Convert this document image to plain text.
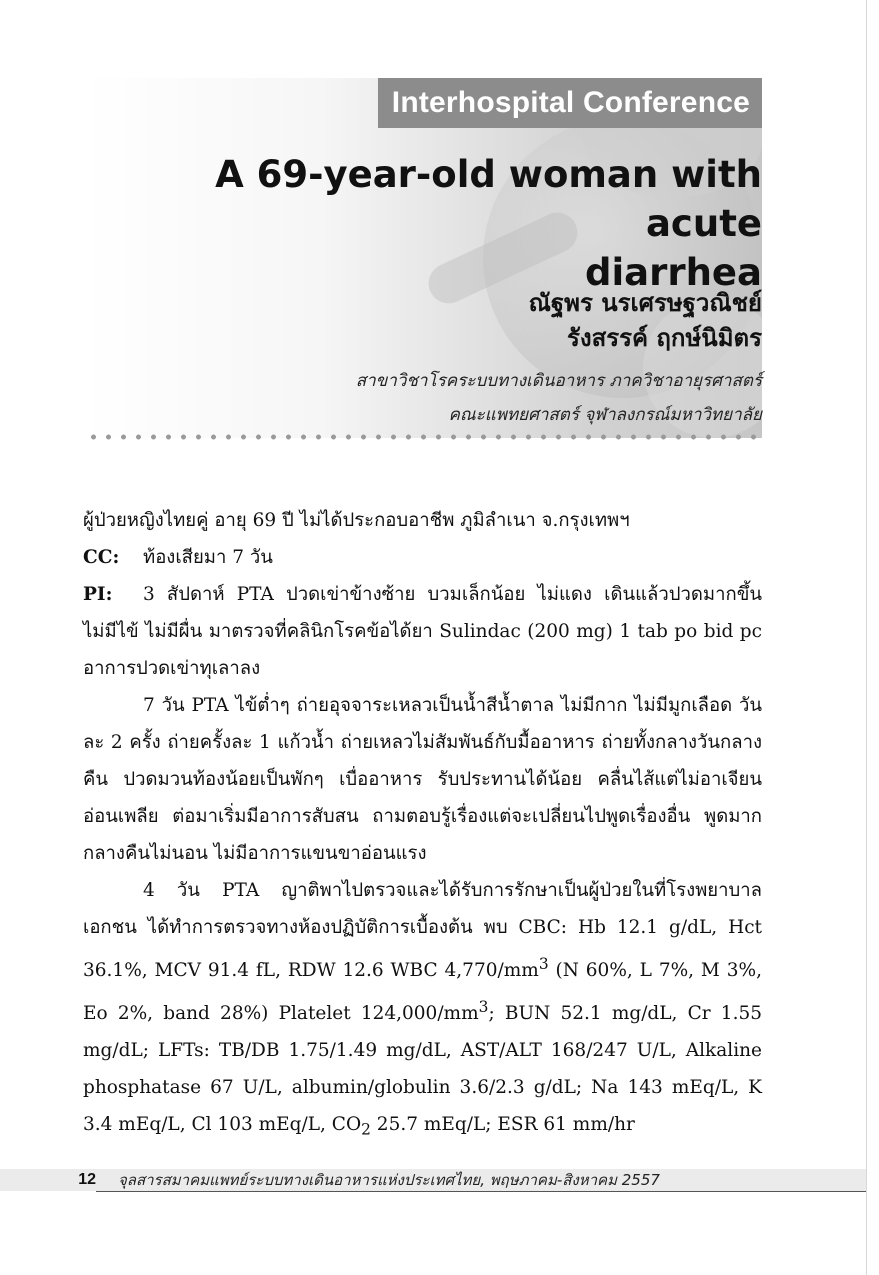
Interhospital Conference
A 69-year-old woman with acute
diarrhea
ณัฐพร นรเศรษฐวณิชย์
รังสรรค์ ฤกษ์นิมิตร
สาขาวิชาโรคระบบทางเดินอาหาร ภาควิชาอายุรศาสตร์
คณะแพทยศาสตร์ จุฬาลงกรณ์มหาวิทยาลัย

ผู้ป่วยหญิงไทยคู่ อายุ 69 ปี ไม่ได้ประกอบอาชีพ ภูมิลำเนา จ.กรุงเทพฯ

CC: ท้องเสียมา 7 วัน

PI: 3 สัปดาห์ PTA ปวดเข่าข้างซ้าย บวมเล็กน้อย ไม่แดง เดินแล้วปวดมากขึ้น ไม่มีไข้ ไม่มีผื่น มาตรวจที่คลินิกโรคข้อได้ยา Sulindac (200 mg) 1 tab po bid pc อาการปวดเข่าทุเลาลง

7 วัน PTA ไข้ต่ำๆ ถ่ายอุจจาระเหลวเป็นน้ำสีน้ำตาล ไม่มีกาก ไม่มีมูกเลือด วันละ 2 ครั้ง ถ่ายครั้งละ 1 แก้วน้ำ ถ่ายเหลวไม่สัมพันธ์กับมื้ออาหาร ถ่ายทั้งกลางวันกลางคืน ปวดมวนท้องน้อยเป็นพักๆ เบื่ออาหาร รับประทานได้น้อย คลื่นไส้แต่ไม่อาเจียน อ่อนเพลีย ต่อมาเริ่มมีอาการสับสน ถามตอบรู้เรื่องแต่จะเปลี่ยนไปพูดเรื่องอื่น พูดมาก กลางคืนไม่นอน ไม่มีอาการแขนขาอ่อนแรง

4 วัน PTA ญาติพาไปตรวจและได้รับการรักษาเป็นผู้ป่วยในที่โรงพยาบาลเอกชน ได้ทำการตรวจทางห้องปฏิบัติการเบื้องต้น พบ CBC: Hb 12.1 g/dL, Hct 36.1%, MCV 91.4 fL, RDW 12.6 WBC $4,770/mm^3$ (N 60%, L 7%, M 3%, Eo 2%, band 28%) Platelet $124,000/mm^3$; BUN 52.1 mg/dL, Cr 1.55 mg/dL; LFTs: TB/DB 1.75/1.49 mg/dL, AST/ALT 168/247 U/L, Alkaline phosphatase 67 U/L, albumin/globulin 3.6/2.3 g/dL; Na 143 mEq/L, K 3.4 mEq/L, Cl 103 mEq/L, $CO_2$ 25.7 mEq/L; ESR 61 mm/hr

12 จุลสารสมาคมแพทย์ระบบทางเดินอาหารแห่งประเทศไทย, พฤษภาคม-สิงหาคม 2557
